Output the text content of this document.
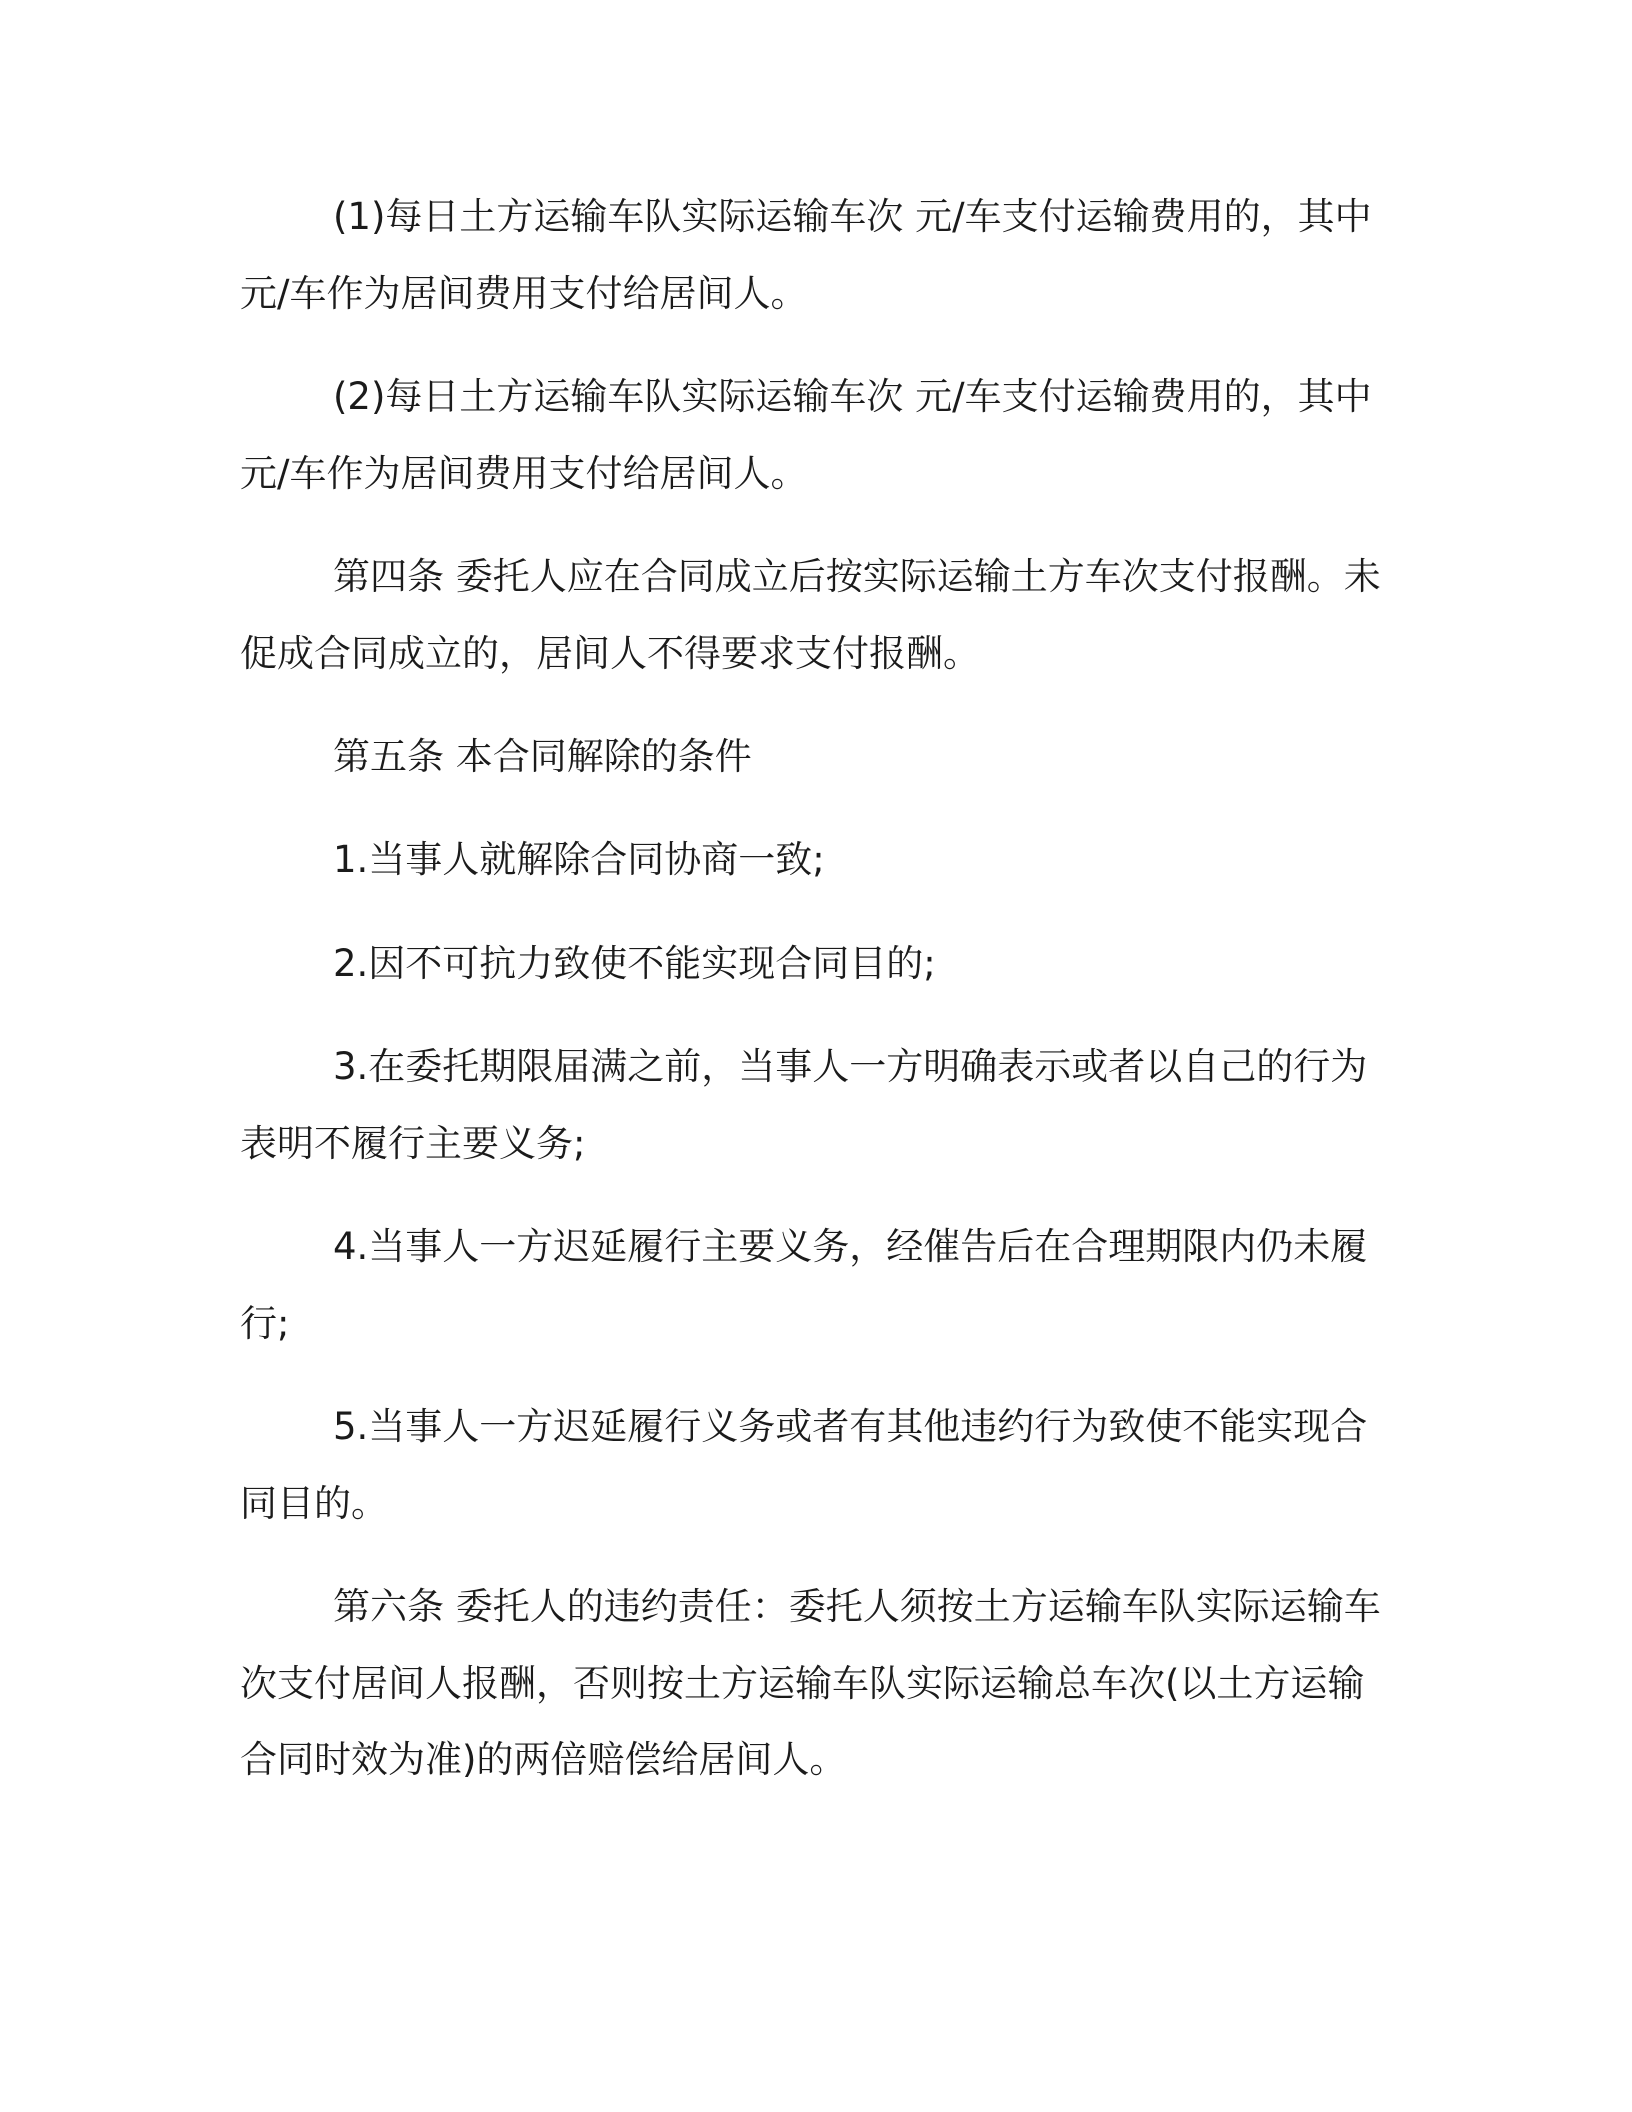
(1)每日土方运输车队实际运输车次 元/车支付运输费用的，其中
元/车作为居间费用支付给居间人。

(2)每日土方运输车队实际运输车次 元/车支付运输费用的，其中
元/车作为居间费用支付给居间人。

第四条 委托人应在合同成立后按实际运输土方车次支付报酬。未
促成合同成立的，居间人不得要求支付报酬。

第五条 本合同解除的条件

1.当事人就解除合同协商一致;

2.因不可抗力致使不能实现合同目的;

3.在委托期限届满之前，当事人一方明确表示或者以自己的行为
表明不履行主要义务;

4.当事人一方迟延履行主要义务，经催告后在合理期限内仍未履
行;

5.当事人一方迟延履行义务或者有其他违约行为致使不能实现合
同目的。

第六条 委托人的违约责任：委托人须按土方运输车队实际运输车
次支付居间人报酬，否则按土方运输车队实际运输总车次(以土方运输
合同时效为准)的两倍赔偿给居间人。
